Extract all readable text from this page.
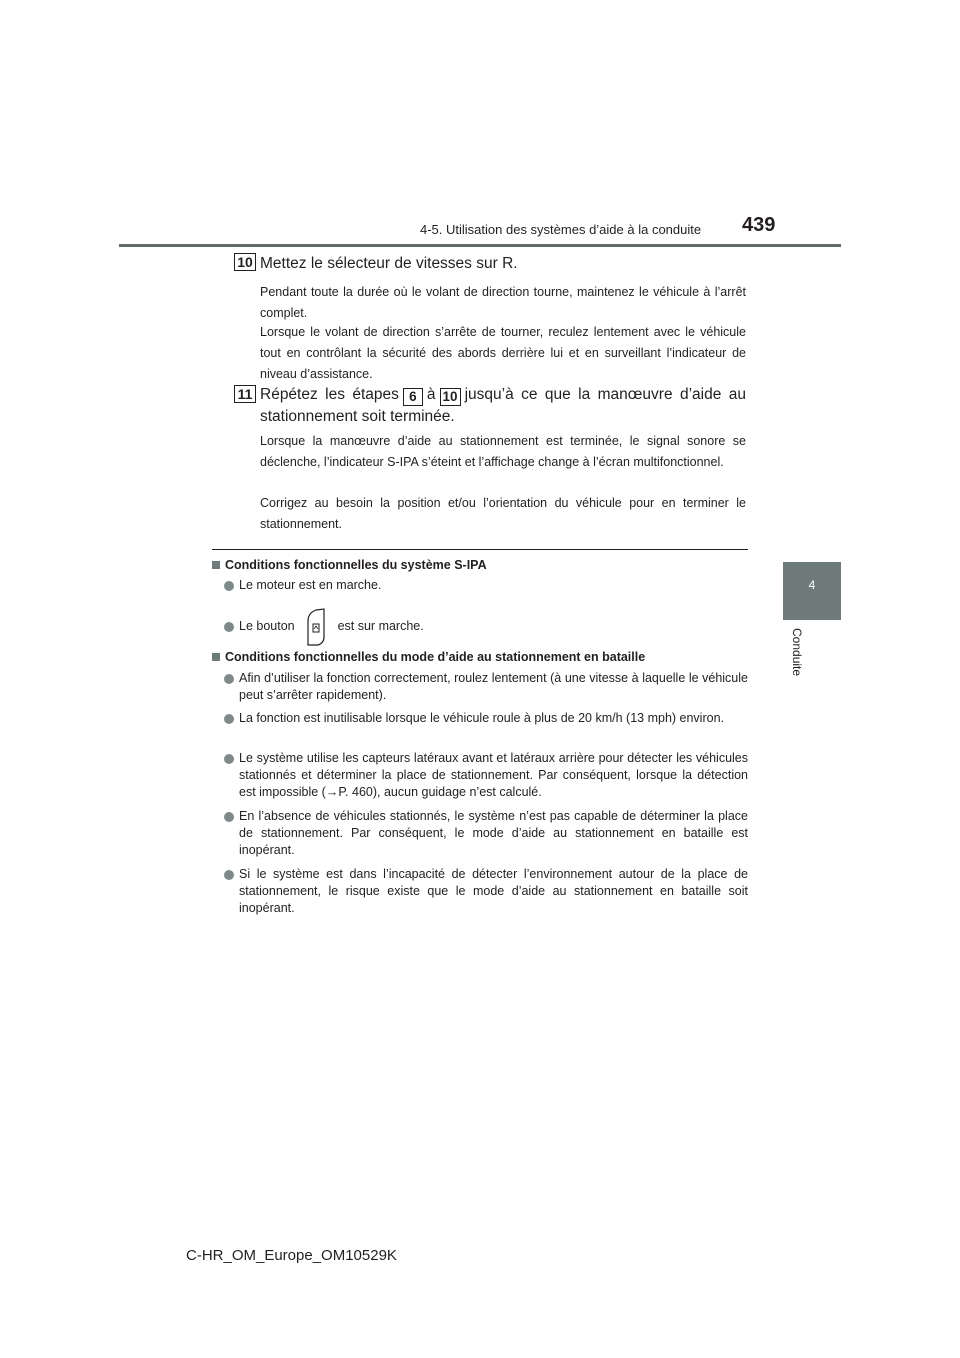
4-5. Utilisation des systèmes d’aide à la conduite 439
4
Conduite
10 Mettez le sélecteur de vitesses sur R.
Pendant toute la durée où le volant de direction tourne, maintenez le véhicule à l’arrêt complet.
Lorsque le volant de direction s’arrête de tourner, reculez lentement avec le véhicule tout en contrôlant la sécurité des abords derrière lui et en surveillant l’indicateur de niveau d’assistance.
11 Répétez les étapes 6 à 10 jusqu’à ce que la manœuvre d’aide au stationnement soit terminée.
Lorsque la manœuvre d’aide au stationnement est terminée, le signal sonore se déclenche, l’indicateur S-IPA s’éteint et l’affichage change à l’écran multifonctionnel.
Corrigez au besoin la position et/ou l’orientation du véhicule pour en terminer le stationnement.
Conditions fonctionnelles du système S-IPA
Le moteur est en marche.
Le bouton	est sur marche.
Conditions fonctionnelles du mode d’aide au stationnement en bataille
Afin d’utiliser la fonction correctement, roulez lentement (à une vitesse à laquelle le véhicule peut s’arrêter rapidement).
La fonction est inutilisable lorsque le véhicule roule à plus de 20 km/h (13 mph) environ.
Le système utilise les capteurs latéraux avant et latéraux arrière pour détecter les véhicules stationnés et déterminer la place de stationnement. Par conséquent, lorsque la détection est impossible (→P. 460), aucun guidage n’est calculé.
En l’absence de véhicules stationnés, le système n’est pas capable de déterminer la place de stationnement. Par conséquent, le mode d’aide au stationnement en bataille est inopérant.
Si le système est dans l’incapacité de détecter l’environnement autour de la place de stationnement, le risque existe que le mode d’aide au stationnement en bataille soit inopérant.
C-HR_OM_Europe_OM10529K
